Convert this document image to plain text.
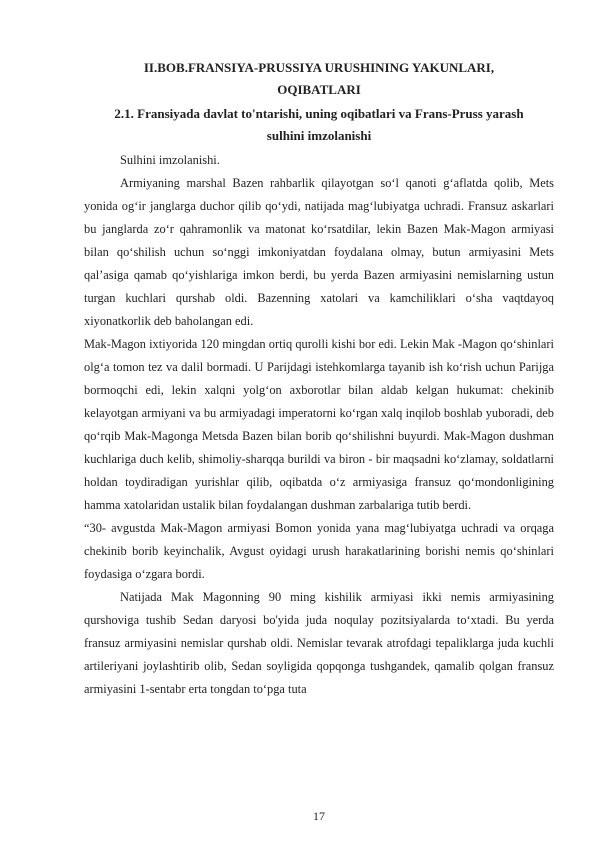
II.BOB.FRANSIYA-PRUSSIYA URUSHINING YAKUNLARI,
OQIBATLARI
2.1. Fransiyada davlat to'ntarishi, uning oqibatlari va Frans-Pruss yarash
sulhini imzolanishi

Sulhini imzolanishi.

Armiyaning marshal Bazen rahbarlik qilayotgan so‘l qanoti g‘aflatda qolib, Mets yonida og‘ir janglarga duchor qilib qo‘ydi, natijada mag‘lubiyatga uchradi. Fransuz askarlari bu janglarda zo‘r qahramonlik va matonat ko‘rsatdilar, lekin Bazen Mak-Magon armiyasi bilan qo‘shilish uchun so‘nggi imkoniyatdan foydalana olmay, butun armiyasini Mets qal’asiga qamab qo‘yishlariga imkon berdi, bu yerda Bazen armiyasini nemislarning ustun turgan kuchlari qurshab oldi. Bazenning xatolari va kamchiliklari o‘sha vaqtdayoq xiyonatkorlik deb baholangan edi.

Mak-Magon ixtiyorida 120 mingdan ortiq qurolli kishi bor edi. Lekin Mak -Magon qo‘shinlari olg‘a tomon tez va dalil bormadi. U Parijdagi istehkomlarga tayanib ish ko‘rish uchun Parijga bormoqchi edi, lekin xalqni yolg‘on axborotlar bilan aldab kelgan hukumat: chekinib kelayotgan armiyani va bu armiyadagi imperatorni ko‘rgan xalq inqilob boshlab yuboradi, deb qo‘rqib Mak-Magonga Metsda Bazen bilan borib qo‘shilishni buyurdi. Mak-Magon dushman kuchlariga duch kelib, shimoliy-sharqqa burildi va biron - bir maqsadni ko‘zlamay, soldatlarni holdan toydiradigan yurishlar qilib, oqibatda o‘z armiyasiga fransuz qo‘mondonligining hamma xatolaridan ustalik bilan foydalangan dushman zarbalariga tutib berdi.

“30- avgustda Mak-Magon armiyasi Bomon yonida yana mag‘lubiyatga uchradi va orqaga chekinib borib keyinchalik, Avgust oyidagi urush harakatlarining borishi nemis qo‘shinlari foydasiga o‘zgara bordi.

Natijada Mak Magonning 90 ming kishilik armiyasi ikki nemis armiyasining qurshoviga tushib Sedan daryosi bo'yida juda noqulay pozitsiyalarda to‘xtadi. Bu yerda fransuz armiyasini nemislar qurshab oldi. Nemislar tevarak atrofdagi tepaliklarga juda kuchli artileriyani joylashtirib olib, Sedan soyligida qopqonga tushgandek, qamalib qolgan fransuz armiyasini 1-sentabr erta tongdan to‘pga tuta

17
